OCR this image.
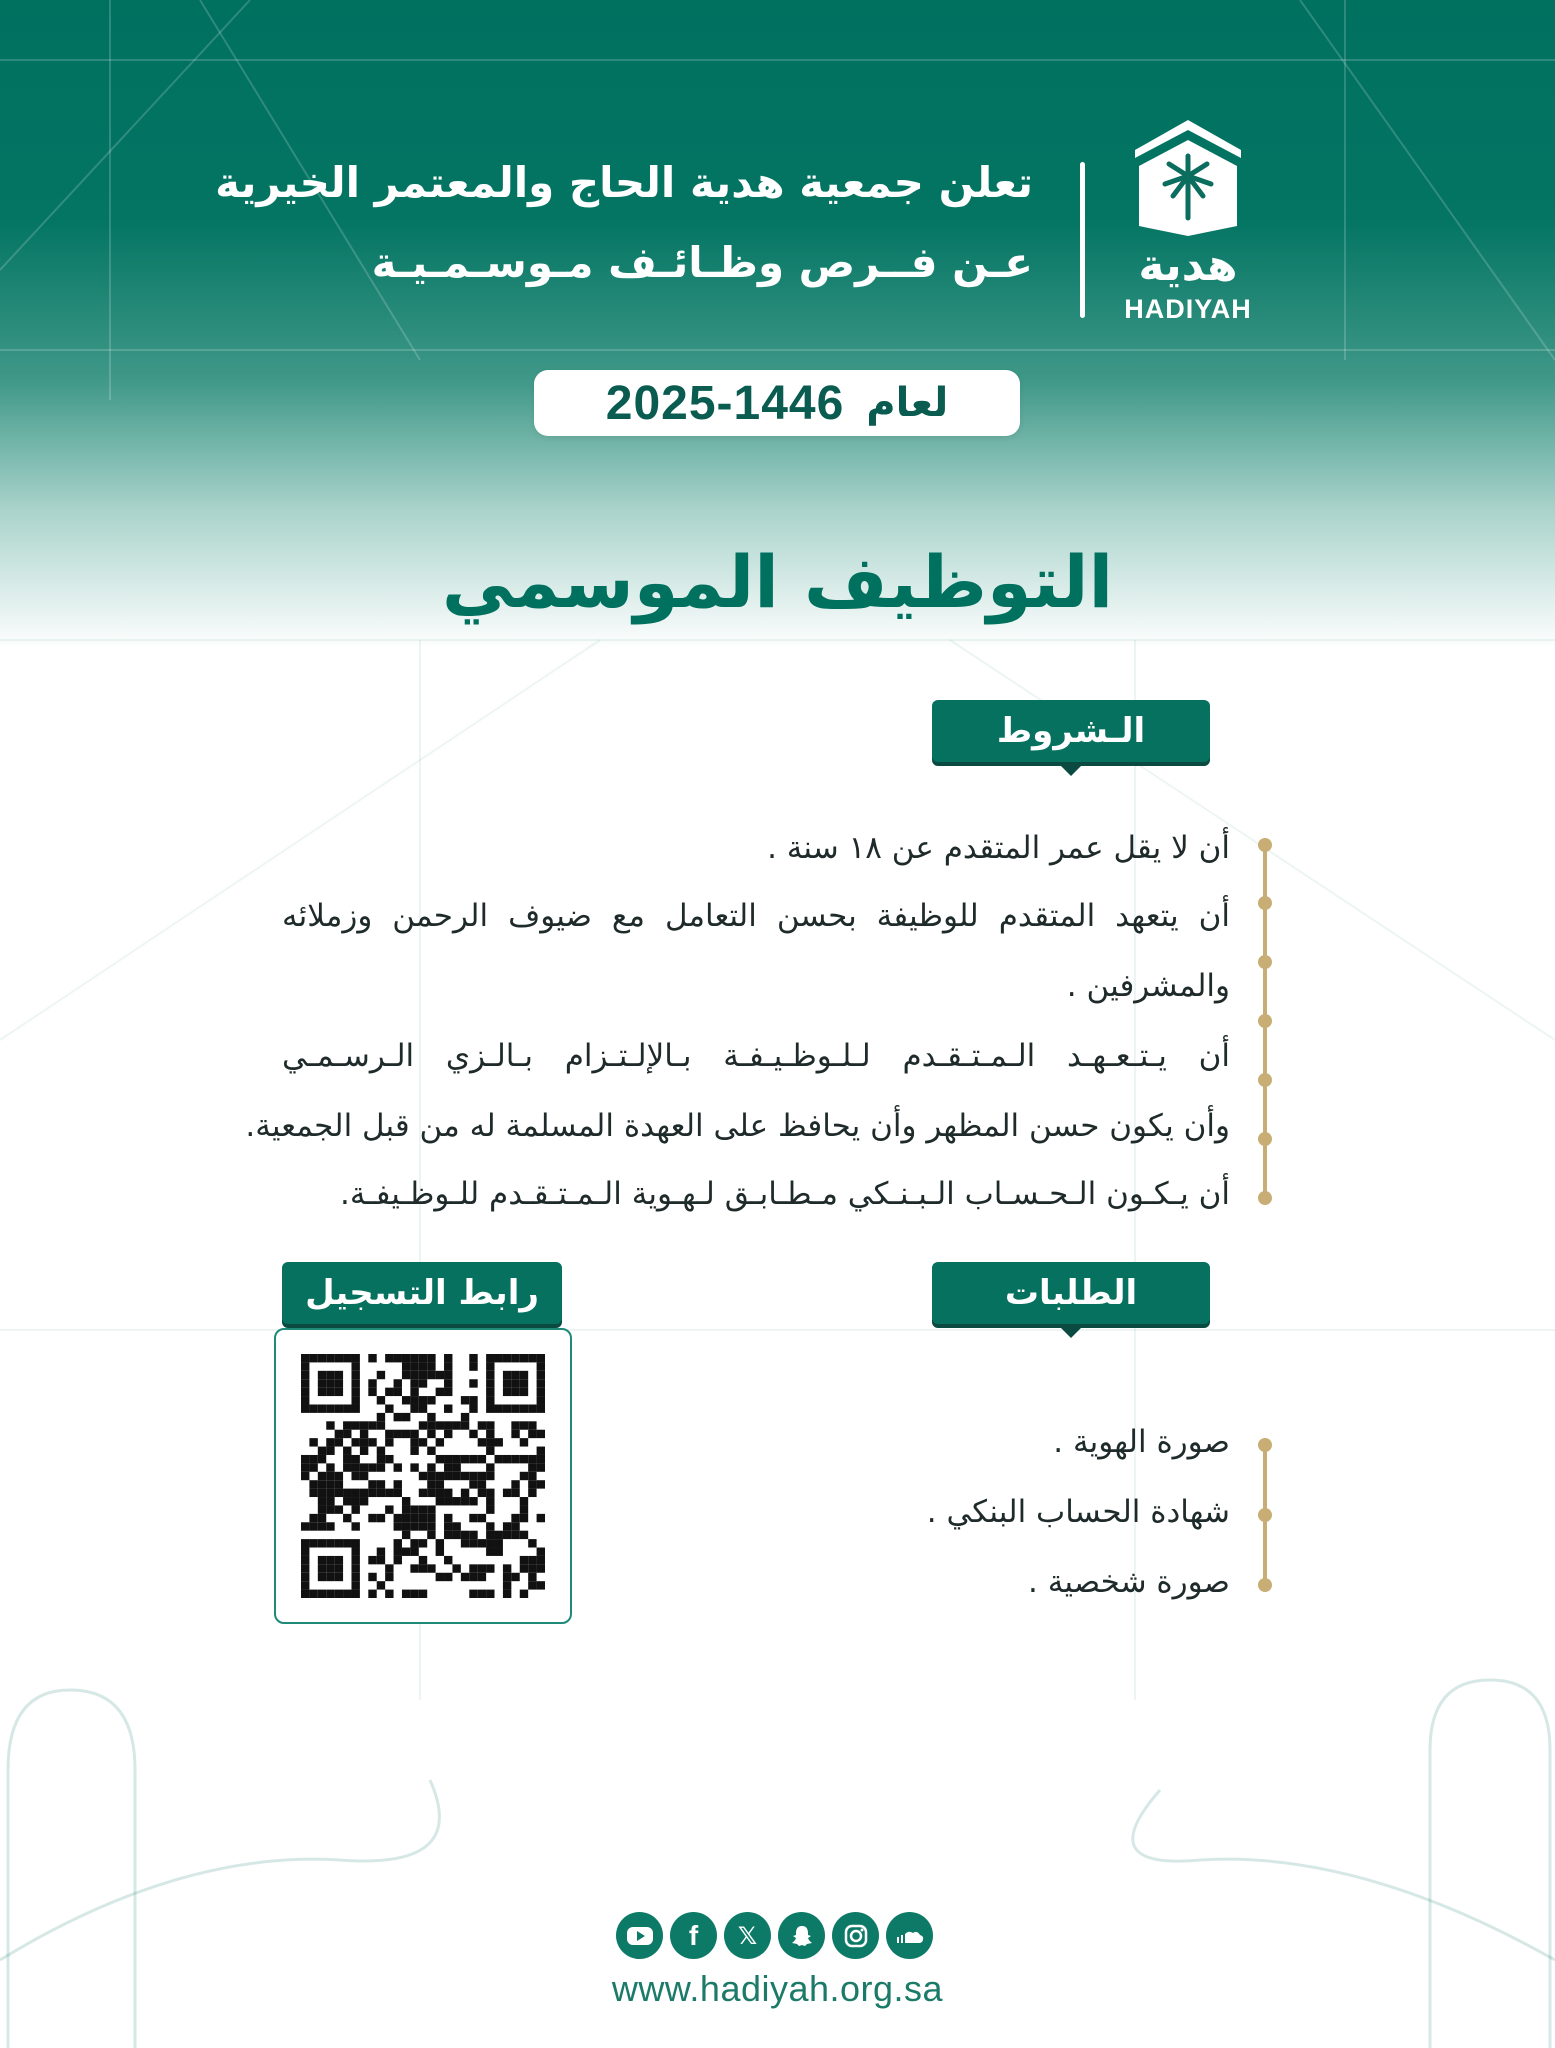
هدية
HADIYAH
تعلن جمعية هدية الحاج والمعتمر الخيرية
عـن فــرص وظـائـف مـوسـمـيـة
2025-1446 لعام
التوظيف الموسمي
الـشروط
أن لا يقل عمر المتقدم عن ١٨ سنة .
أن يتعهد المتقدم للوظيفة بحسن التعامل مع ضيوف الرحمن وزملائه
والمشرفين .
أن يـتـعـهـد الـمـتـقـدم لـلـوظـيـفـة بـالإلـتـزام بـالـزي الـرسـمـي
وأن يكون حسن المظهر وأن يحافظ على العهدة المسلمة له من قبل الجمعية.
أن يـكـون الـحـسـاب الـبـنـكي مـطـابـق لـهـوية الـمـتـقـدم للـوظـيفـة.
الطلبات
صورة الهوية .
شهادة الحساب البنكي .
صورة شخصية .
رابط التسجيل
f 𝕏
www.hadiyah.org.sa
